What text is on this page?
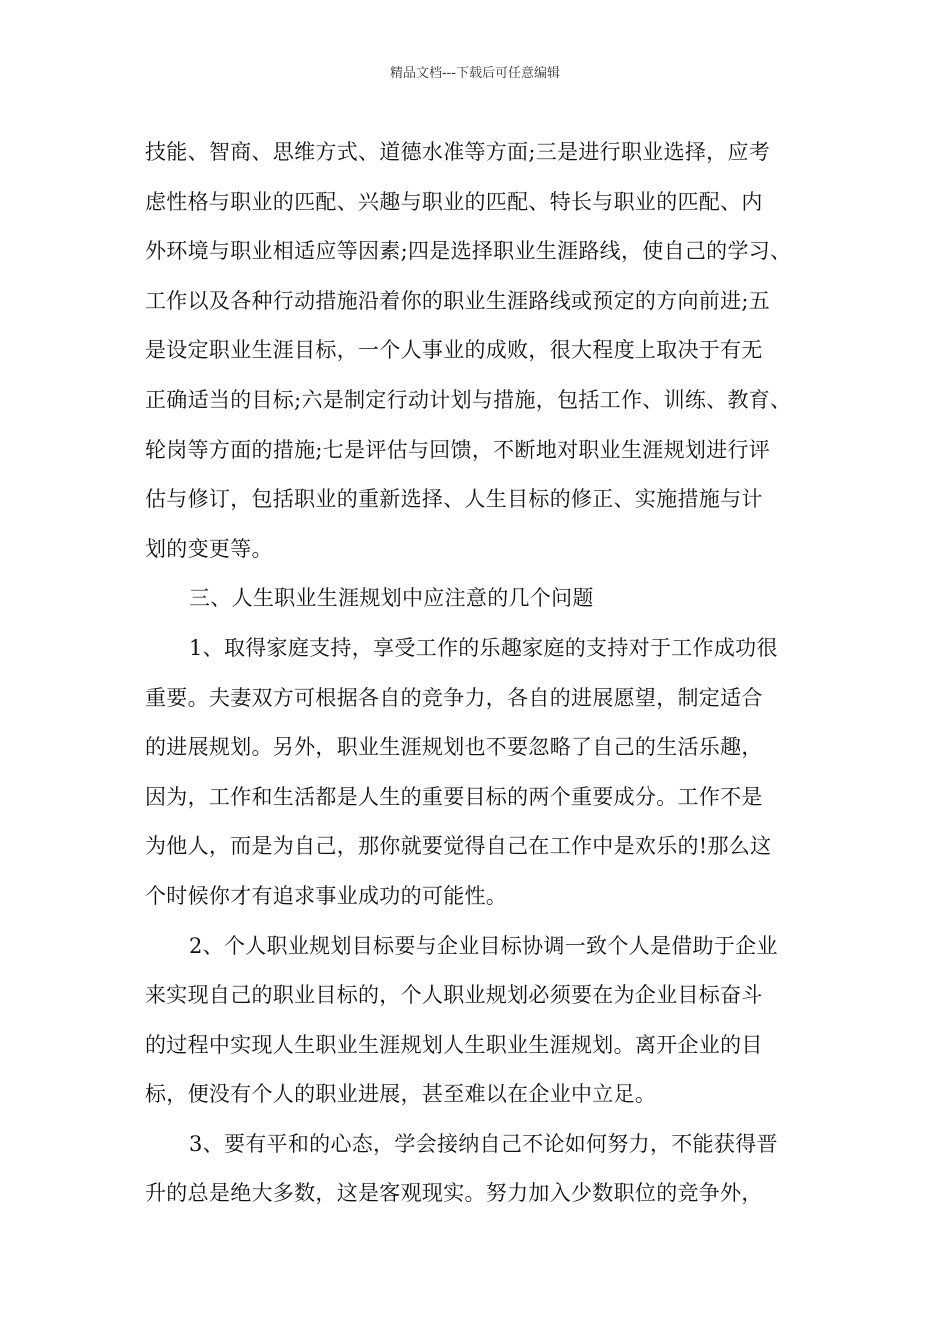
精品文档---下载后可任意编辑
技能、智商、思维方式、道德水准等方面;三是进行职业选择，应考
虑性格与职业的匹配、兴趣与职业的匹配、特长与职业的匹配、内
外环境与职业相适应等因素;四是选择职业生涯路线，使自己的学习、
工作以及各种行动措施沿着你的职业生涯路线或预定的方向前进;五
是设定职业生涯目标，一个人事业的成败，很大程度上取决于有无
正确适当的目标;六是制定行动计划与措施，包括工作、训练、教育、
轮岗等方面的措施;七是评估与回馈，不断地对职业生涯规划进行评
估与修订，包括职业的重新选择、人生目标的修正、实施措施与计
划的变更等。
三、人生职业生涯规划中应注意的几个问题
1、取得家庭支持，享受工作的乐趣家庭的支持对于工作成功很
重要。夫妻双方可根据各自的竞争力，各自的进展愿望，制定适合
的进展规划。另外，职业生涯规划也不要忽略了自己的生活乐趣，
因为，工作和生活都是人生的重要目标的两个重要成分。工作不是
为他人，而是为自己，那你就要觉得自己在工作中是欢乐的!那么这
个时候你才有追求事业成功的可能性。
2、个人职业规划目标要与企业目标协调一致个人是借助于企业
来实现自己的职业目标的，个人职业规划必须要在为企业目标奋斗
的过程中实现人生职业生涯规划人生职业生涯规划。离开企业的目
标，便没有个人的职业进展，甚至难以在企业中立足。
3、要有平和的心态，学会接纳自己不论如何努力，不能获得晋
升的总是绝大多数，这是客观现实。努力加入少数职位的竞争外，
